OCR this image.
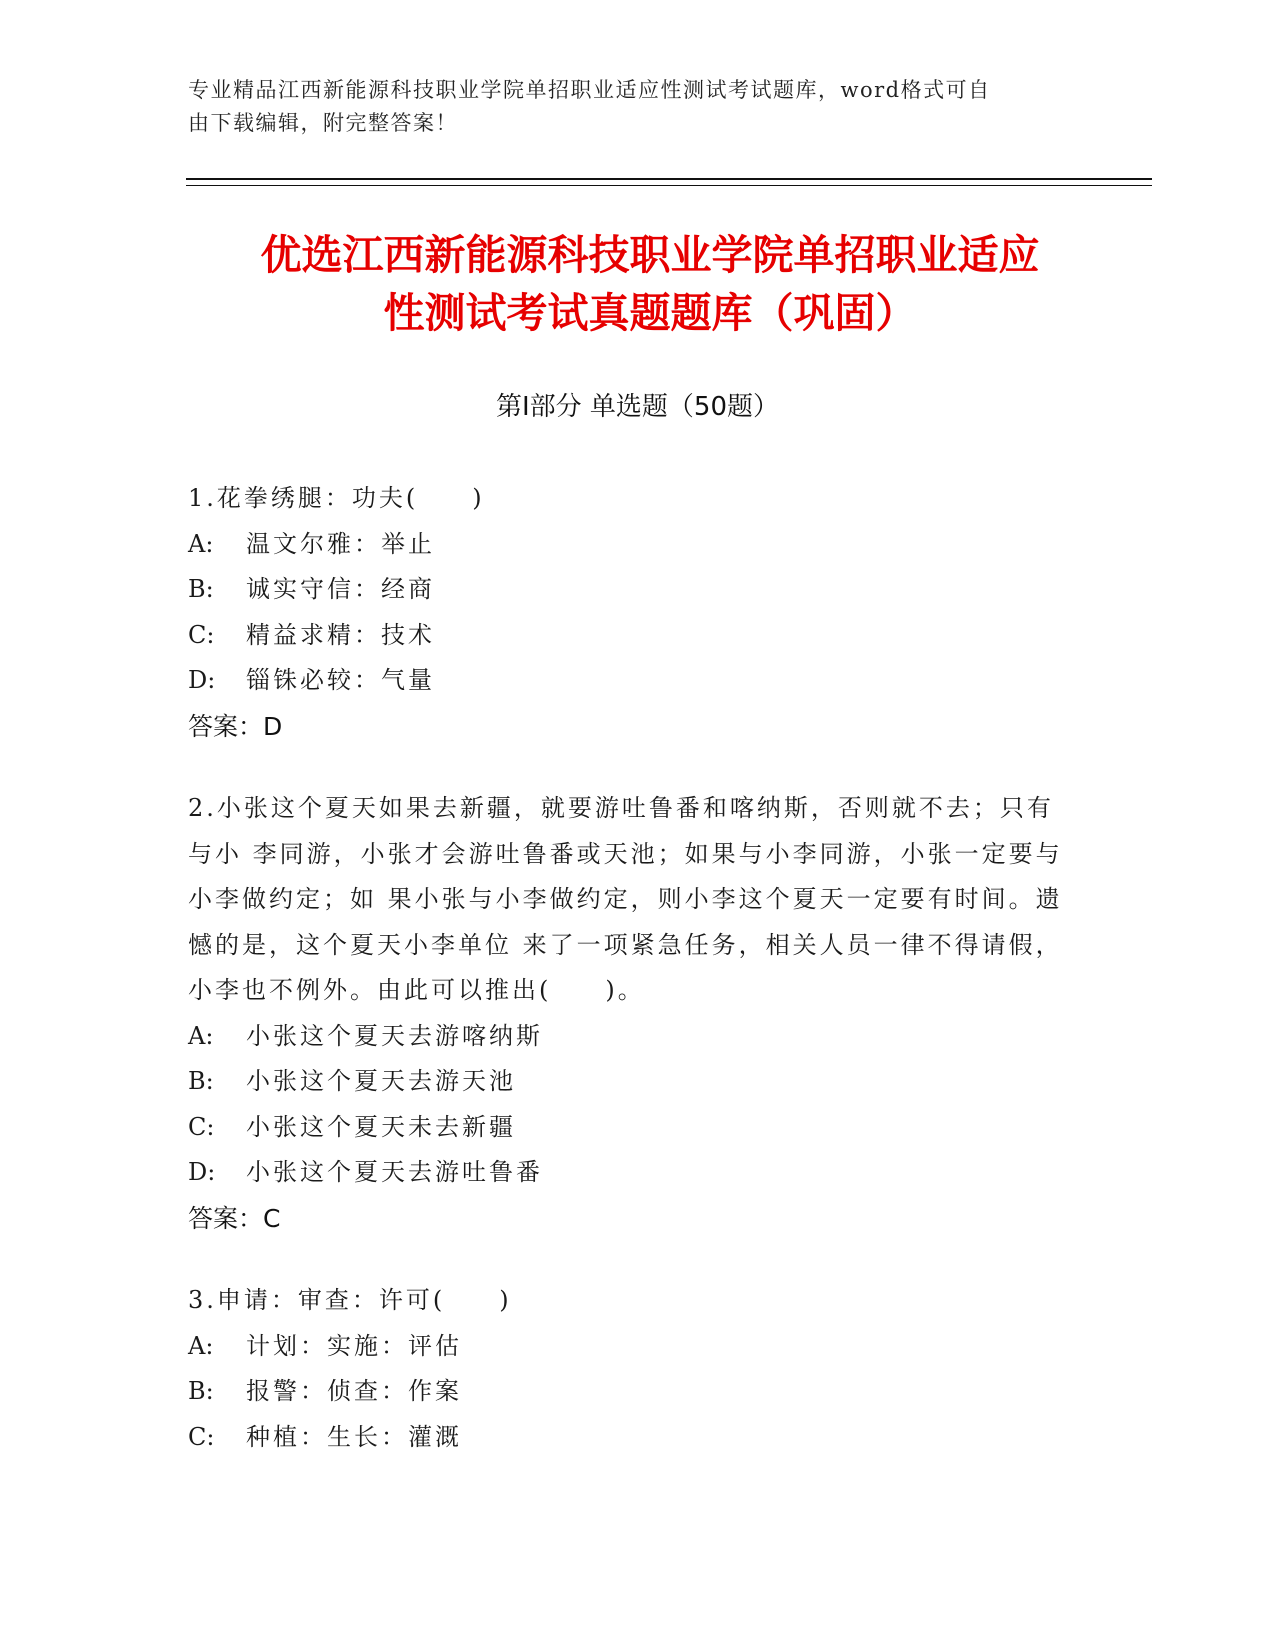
专业精品江西新能源科技职业学院单招职业适应性测试考试题库，word格式可自
由下载编辑，附完整答案！
优选江西新能源科技职业学院单招职业适应
性测试考试真题题库（巩固）
第Ⅰ部分 单选题（50题）
1.花拳绣腿：功夫(　　)
A: 温文尔雅：举止
B: 诚实守信：经商
C: 精益求精：技术
D: 锱铢必较：气量
答案：D
2.小张这个夏天如果去新疆，就要游吐鲁番和喀纳斯，否则就不去；只有与小 李同游，小张才会游吐鲁番或天池；如果与小李同游，小张一定要与小李做约定；如 果小张与小李做约定，则小李这个夏天一定要有时间。遗憾的是，这个夏天小李单位 来了一项紧急任务，相关人员一律不得请假，小李也不例外。由此可以推出(　　)。
A: 小张这个夏天去游喀纳斯
B: 小张这个夏天去游天池
C: 小张这个夏天未去新疆
D: 小张这个夏天去游吐鲁番
答案：C
3.申请：审查：许可(　　)
A: 计划：实施：评估
B: 报警：侦查：作案
C: 种植：生长：灌溉
